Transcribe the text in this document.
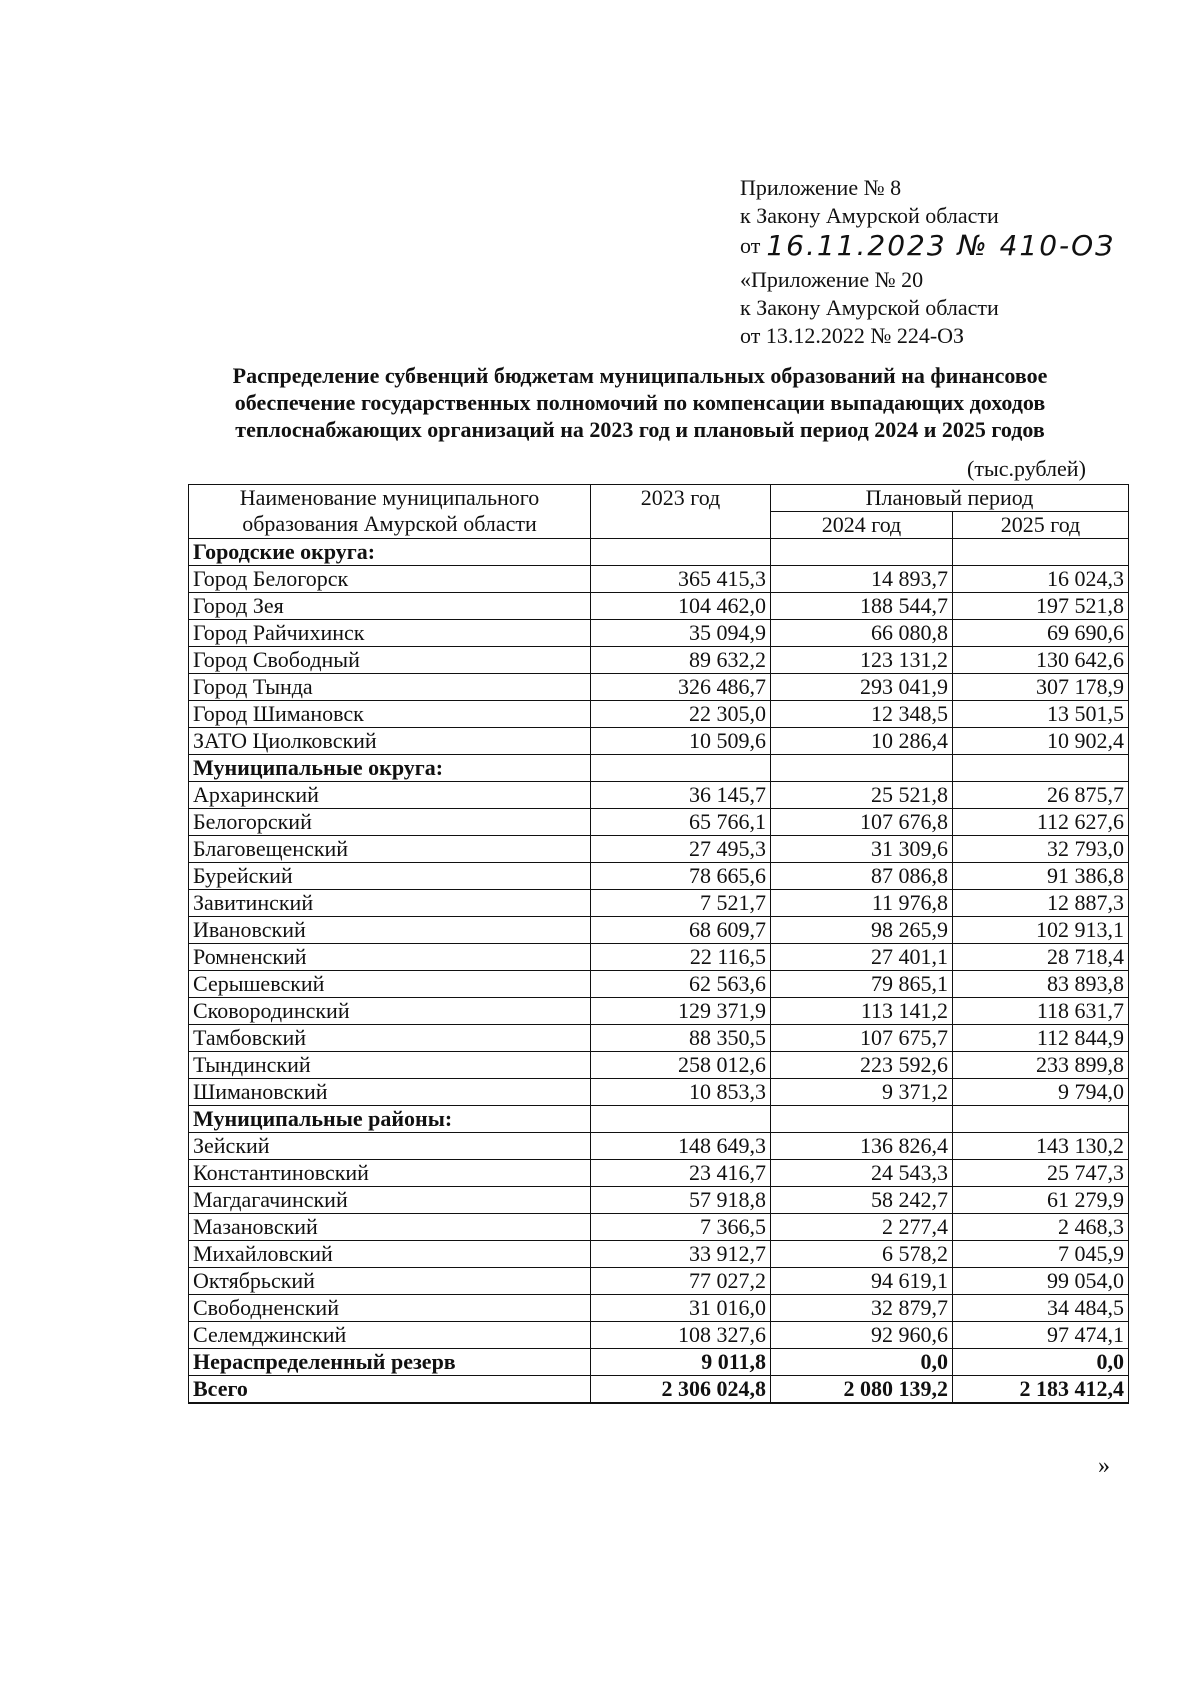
Приложение № 8
к Закону Амурской области
от 16.11.2023 № 410-ОЗ
«Приложение № 20
к Закону Амурской области
от 13.12.2022 № 224-ОЗ
Распределение субвенций бюджетам муниципальных образований на финансовое
обеспечение государственных полномочий по компенсации выпадающих доходов
теплоснабжающих организаций на 2023 год и плановый период 2024 и 2025 годов
(тыс.рублей)
Наименование муниципального
образования Амурской области	2023 год	Плановый период	
		2024 год	2025 год
Городские округа:			
Город Белогорск	365 415,3	14 893,7	16 024,3
Город Зея	104 462,0	188 544,7	197 521,8
Город Райчихинск	35 094,9	66 080,8	69 690,6
Город Свободный	89 632,2	123 131,2	130 642,6
Город Тында	326 486,7	293 041,9	307 178,9
Город Шимановск	22 305,0	12 348,5	13 501,5
ЗАТО Циолковский	10 509,6	10 286,4	10 902,4
Муниципальные округа:			
Архаринский	36 145,7	25 521,8	26 875,7
Белогорский	65 766,1	107 676,8	112 627,6
Благовещенский	27 495,3	31 309,6	32 793,0
Бурейский	78 665,6	87 086,8	91 386,8
Завитинский	7 521,7	11 976,8	12 887,3
Ивановский	68 609,7	98 265,9	102 913,1
Ромненский	22 116,5	27 401,1	28 718,4
Серышевский	62 563,6	79 865,1	83 893,8
Сковородинский	129 371,9	113 141,2	118 631,7
Тамбовский	88 350,5	107 675,7	112 844,9
Тындинский	258 012,6	223 592,6	233 899,8
Шимановский	10 853,3	9 371,2	9 794,0
Муниципальные районы:			
Зейский	148 649,3	136 826,4	143 130,2
Константиновский	23 416,7	24 543,3	25 747,3
Магдагачинский	57 918,8	58 242,7	61 279,9
Мазановский	7 366,5	2 277,4	2 468,3
Михайловский	33 912,7	6 578,2	7 045,9
Октябрьский	77 027,2	94 619,1	99 054,0
Свободненский	31 016,0	32 879,7	34 484,5
Селемджинский	108 327,6	92 960,6	97 474,1
Нераспределенный резерв	9 011,8	0,0	0,0
Всего	2 306 024,8	2 080 139,2	2 183 412,4
»
